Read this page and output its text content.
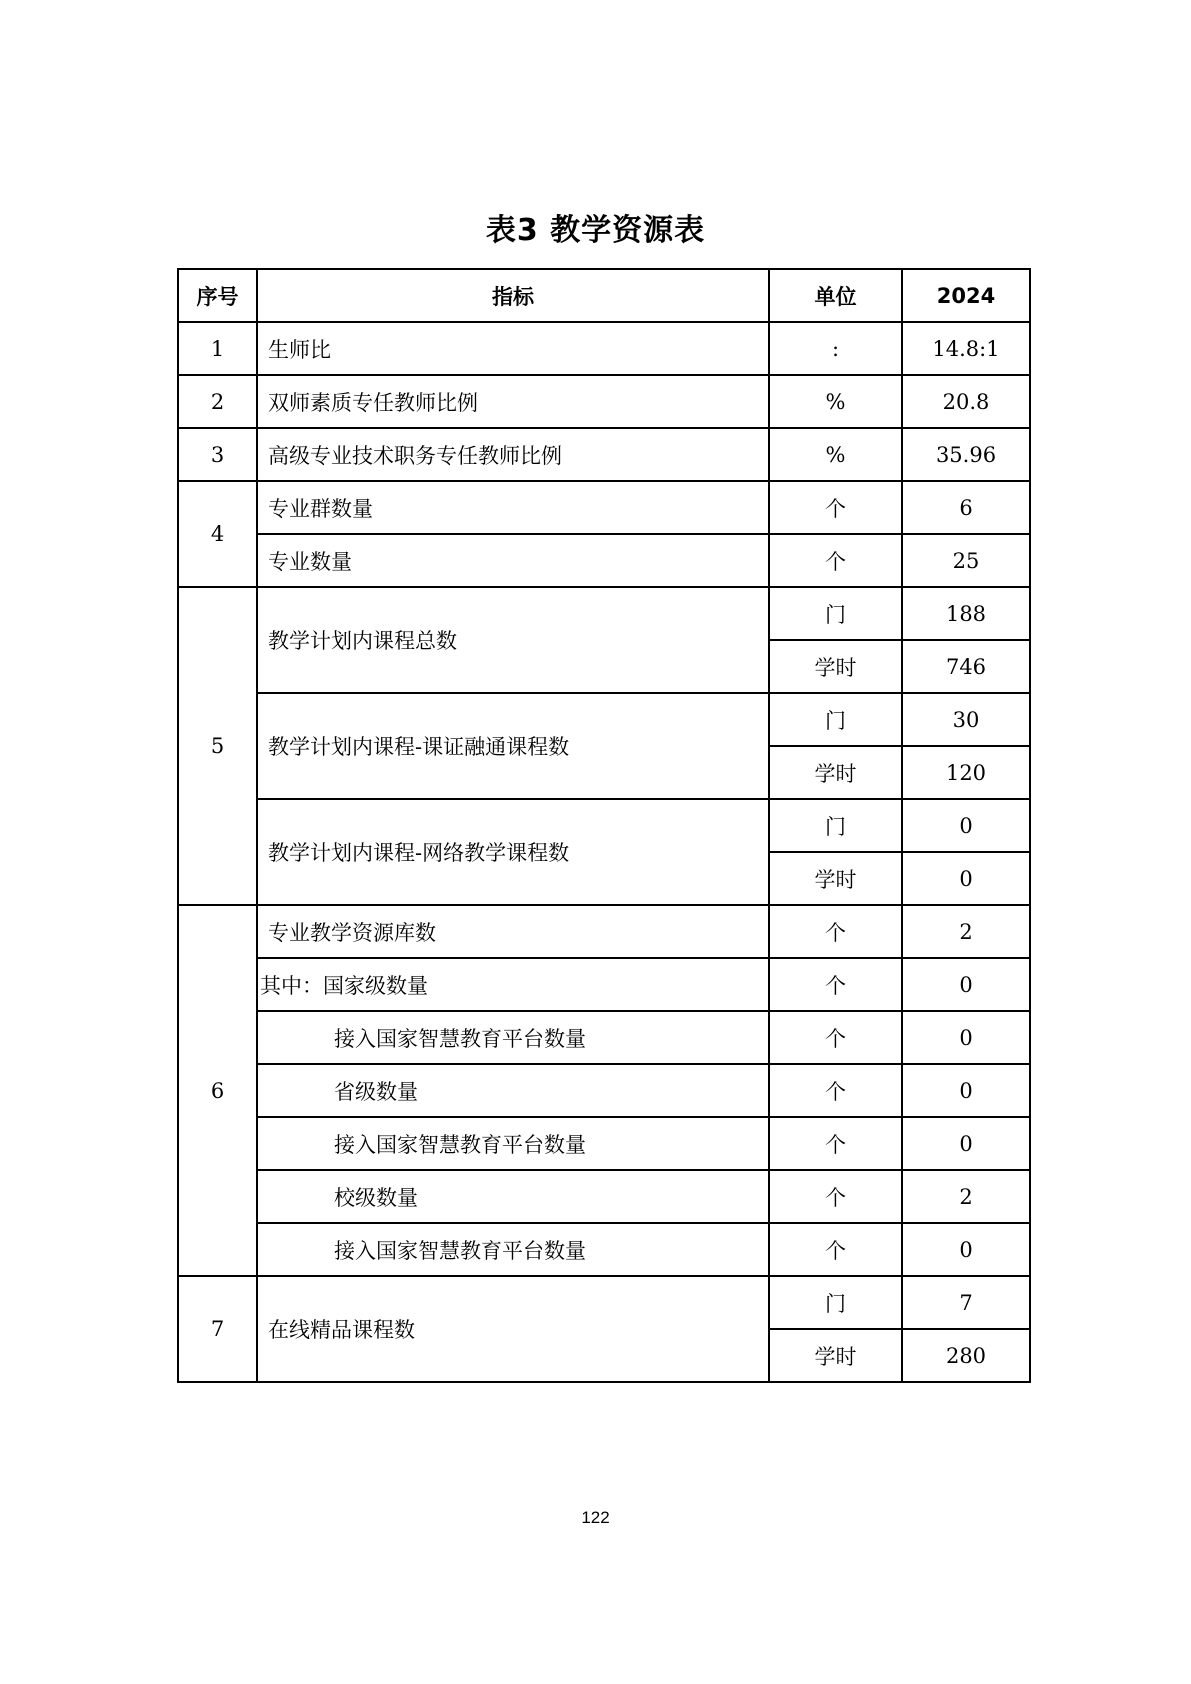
表3 教学资源表
序号	指标	单位	2024
1	生师比	:	14.8:1
2	双师素质专任教师比例	%	20.8
3	高级专业技术职务专任教师比例	%	35.96
4	专业群数量	个	6
	专业数量	个	25
5	教学计划内课程总数	门	188
		学时	746
	教学计划内课程-课证融通课程数	门	30
		学时	120
	教学计划内课程-网络教学课程数	门	0
		学时	0
6	专业教学资源库数	个	2
	其中：国家级数量	个	0
	接入国家智慧教育平台数量	个	0
	省级数量	个	0
	接入国家智慧教育平台数量	个	0
	校级数量	个	2
	接入国家智慧教育平台数量	个	0
7	在线精品课程数	门	7
		学时	280
122
